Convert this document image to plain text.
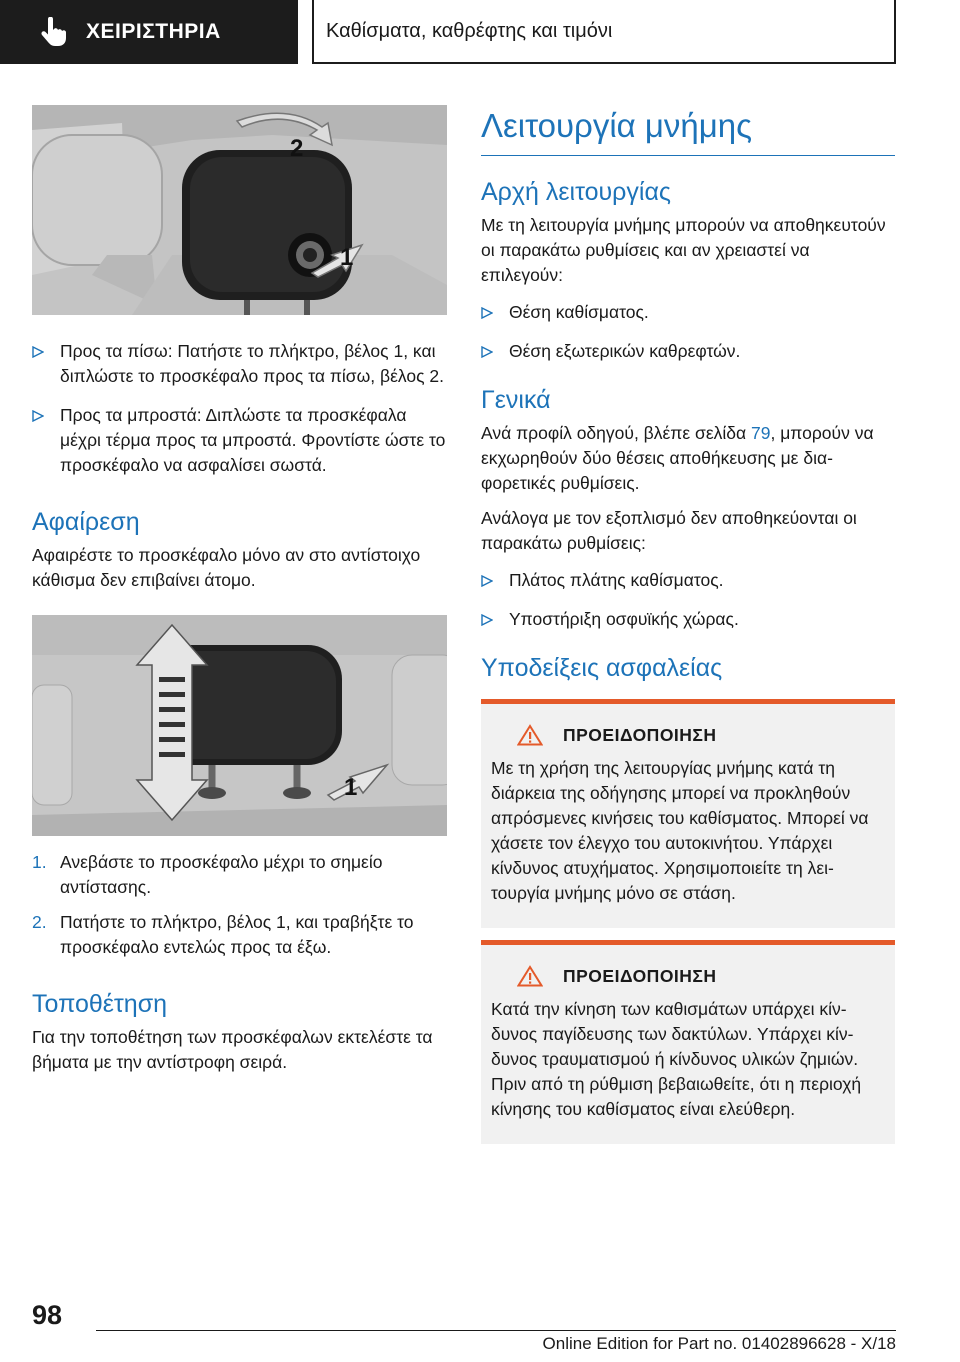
ΧΕΙΡΙΣΤΗΡΙΑ	Καθίσματα, καθρέφτης και τιμόνι
2
1
Προς τα πίσω: Πατήστε το πλήκτρο, βέλος 1, και διπλώστε το προσκέφαλο προς τα πίσω, βέλος 2.
Προς τα μπροστά: Διπλώστε τα προσκέφαλα μέχρι τέρμα προς τα μπροστά. Φροντίστε ώστε το προσκέφαλο να ασφαλίσει σωστά.
Αφαίρεση

Αφαιρέστε το προσκέφαλο μόνο αν στο αντίστοιχο κάθισμα δεν επιβαίνει άτομο.

1
1. Ανεβάστε το προσκέφαλο μέχρι το σημείο αντίστασης.
2. Πατήστε το πλήκτρο, βέλος 1, και τραβήξτε το προσκέφαλο εντελώς προς τα έξω.
Τοποθέτηση

Για την τοποθέτηση των προσκέφαλων εκτελέστε τα βήματα με την αντίστροφη σειρά.

Λειτουργία μνήμης
Αρχή λειτουργίας

Με τη λειτουργία μνήμης μπορούν να αποθηκευτούν οι παρακάτω ρυθμίσεις και αν χρειαστεί να επιλεγούν:

Θέση καθίσματος.
Θέση εξωτερικών καθρεφτών.
Γενικά

Ανά προφίλ οδηγού, βλέπε σελίδα 79, μπορούν να εκχωρηθούν δύο θέσεις αποθήκευσης με διαφορετικές ρυθμίσεις.

Ανάλογα με τον εξοπλισμό δεν αποθηκεύονται οι παρακάτω ρυθμίσεις:

Πλάτος πλάτης καθίσματος.
Υποστήριξη οσφυϊκής χώρας.
Υποδείξεις ασφαλείας
ΠΡΟΕΙΔΟΠΟΙΗΣΗ

Με τη χρήση της λειτουργίας μνήμης κατά τη διάρκεια της οδήγησης μπορεί να προκληθούν απρόσμενες κινήσεις του καθίσματος. Μπορεί να χάσετε τον έλεγχο του αυτοκινήτου. Υπάρχει κίνδυνος ατυχήματος. Χρησιμοποιείτε τη λειτουργία μνήμης μόνο σε στάση.

ΠΡΟΕΙΔΟΠΟΙΗΣΗ

Κατά την κίνηση των καθισμάτων υπάρχει κίνδυνος παγίδευσης των δακτύλων. Υπάρχει κίνδυνος τραυματισμού ή κίνδυνος υλικών ζημιών. Πριν από τη ρύθμιση βεβαιωθείτε, ότι η περιοχή κίνησης του καθίσματος είναι ελεύθερη.

98
Online Edition for Part no. 01402896628 - X/18
